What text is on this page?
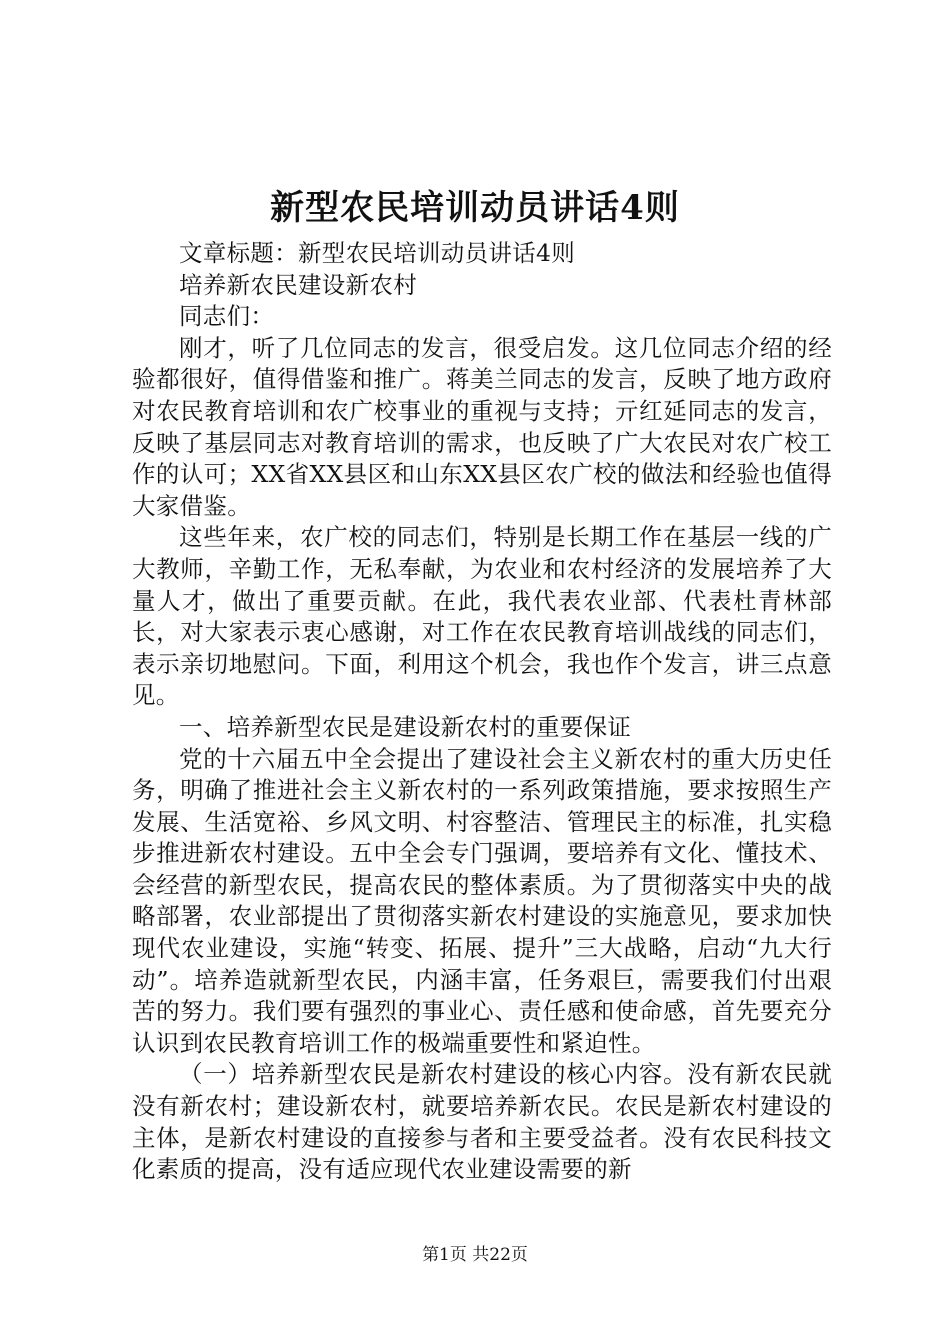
新型农民培训动员讲话4则

文章标题：新型农民培训动员讲话4则

培养新农民建设新农村

同志们：

刚才，听了几位同志的发言，很受启发。这几位同志介绍的经验都很好，值得借鉴和推广。蒋美兰同志的发言，反映了地方政府对农民教育培训和农广校事业的重视与支持；亓红延同志的发言，反映了基层同志对教育培训的需求，也反映了广大农民对农广校工作的认可；XX省XX县区和山东XX县区农广校的做法和经验也值得大家借鉴。

这些年来，农广校的同志们，特别是长期工作在基层一线的广大教师，辛勤工作，无私奉献，为农业和农村经济的发展培养了大量人才，做出了重要贡献。在此，我代表农业部、代表杜青林部长，对大家表示衷心感谢，对工作在农民教育培训战线的同志们，表示亲切地慰问。下面，利用这个机会，我也作个发言，讲三点意见。

一、培养新型农民是建设新农村的重要保证

党的十六届五中全会提出了建设社会主义新农村的重大历史任务，明确了推进社会主义新农村的一系列政策措施，要求按照生产发展、生活宽裕、乡风文明、村容整洁、管理民主的标准，扎实稳步推进新农村建设。五中全会专门强调，要培养有文化、懂技术、会经营的新型农民，提高农民的整体素质。为了贯彻落实中央的战略部署，农业部提出了贯彻落实新农村建设的实施意见，要求加快现代农业建设，实施“转变、拓展、提升”三大战略，启动“九大行动”。培养造就新型农民，内涵丰富，任务艰巨，需要我们付出艰苦的努力。我们要有强烈的事业心、责任感和使命感，首先要充分认识到农民教育培训工作的极端重要性和紧迫性。

（一）培养新型农民是新农村建设的核心内容。没有新农民就没有新农村；建设新农村，就要培养新农民。农民是新农村建设的主体，是新农村建设的直接参与者和主要受益者。没有农民科技文化素质的提高，没有适应现代农业建设需要的新

第1页 共22页
